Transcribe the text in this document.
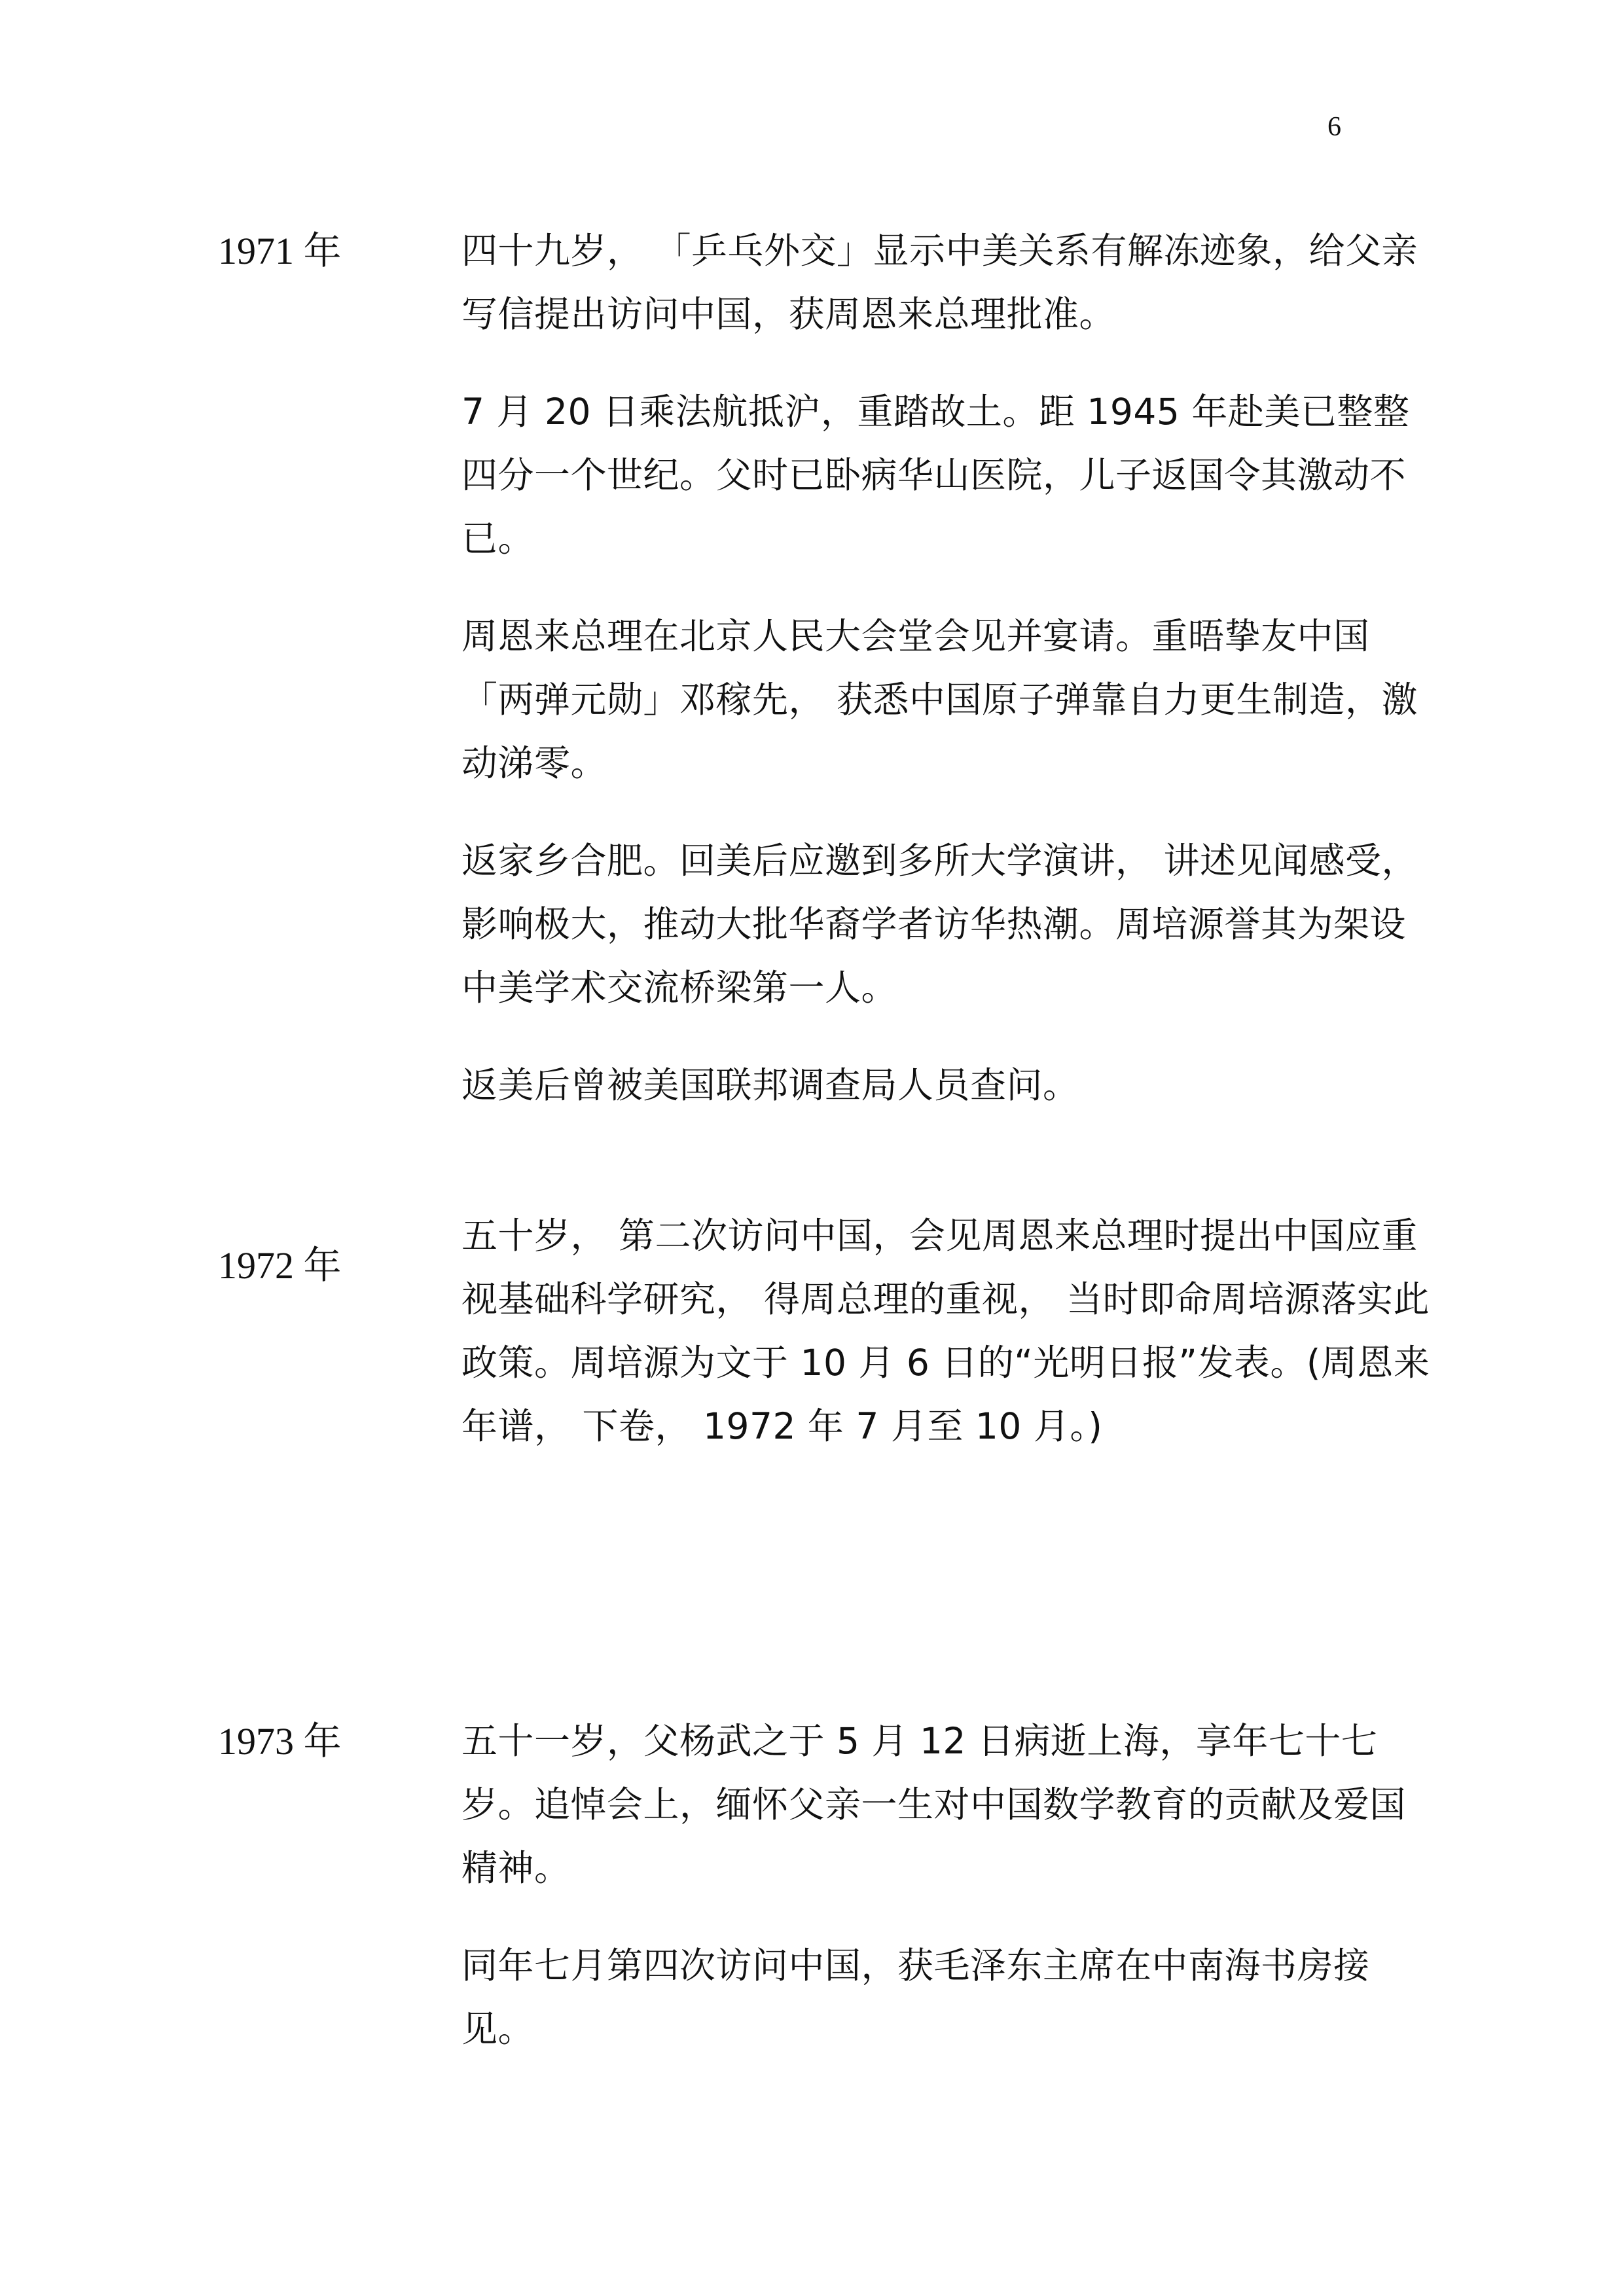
6
1971 年	四十九岁， 「乒乓外交」显示中美关系有解冻迹象，给父亲写信提出访问中国，获周恩来总理批准。

7 月 20 日乘法航抵沪，重踏故土。距 1945 年赴美已整整四分一个世纪。父时已卧病华山医院，儿子返国令其激动不已。

周恩来总理在北京人民大会堂会见并宴请。重晤挚友中国「两弹元勋」邓稼先， 获悉中国原子弹靠自力更生制造，激动涕零。

返家乡合肥。回美后应邀到多所大学演讲， 讲述见闻感受，影响极大，推动大批华裔学者访华热潮。周培源誉其为架设中美学术交流桥梁第一人。

返美后曾被美国联邦调查局人员查问。

1972 年

五十岁， 第二次访问中国，会见周恩来总理时提出中国应重视基础科学研究， 得周总理的重视， 当时即命周培源落实此政策。周培源为文于 10 月 6 日的“光明日报”发表。(周恩来年谱， 下卷， 1972 年 7 月至 10 月。)

1973 年	五十一岁，父杨武之于 5 月 12 日病逝上海，享年七十七岁。追悼会上，缅怀父亲一生对中国数学教育的贡献及爱国精神。

同年七月第四次访问中国，获毛泽东主席在中南海书房接见。
